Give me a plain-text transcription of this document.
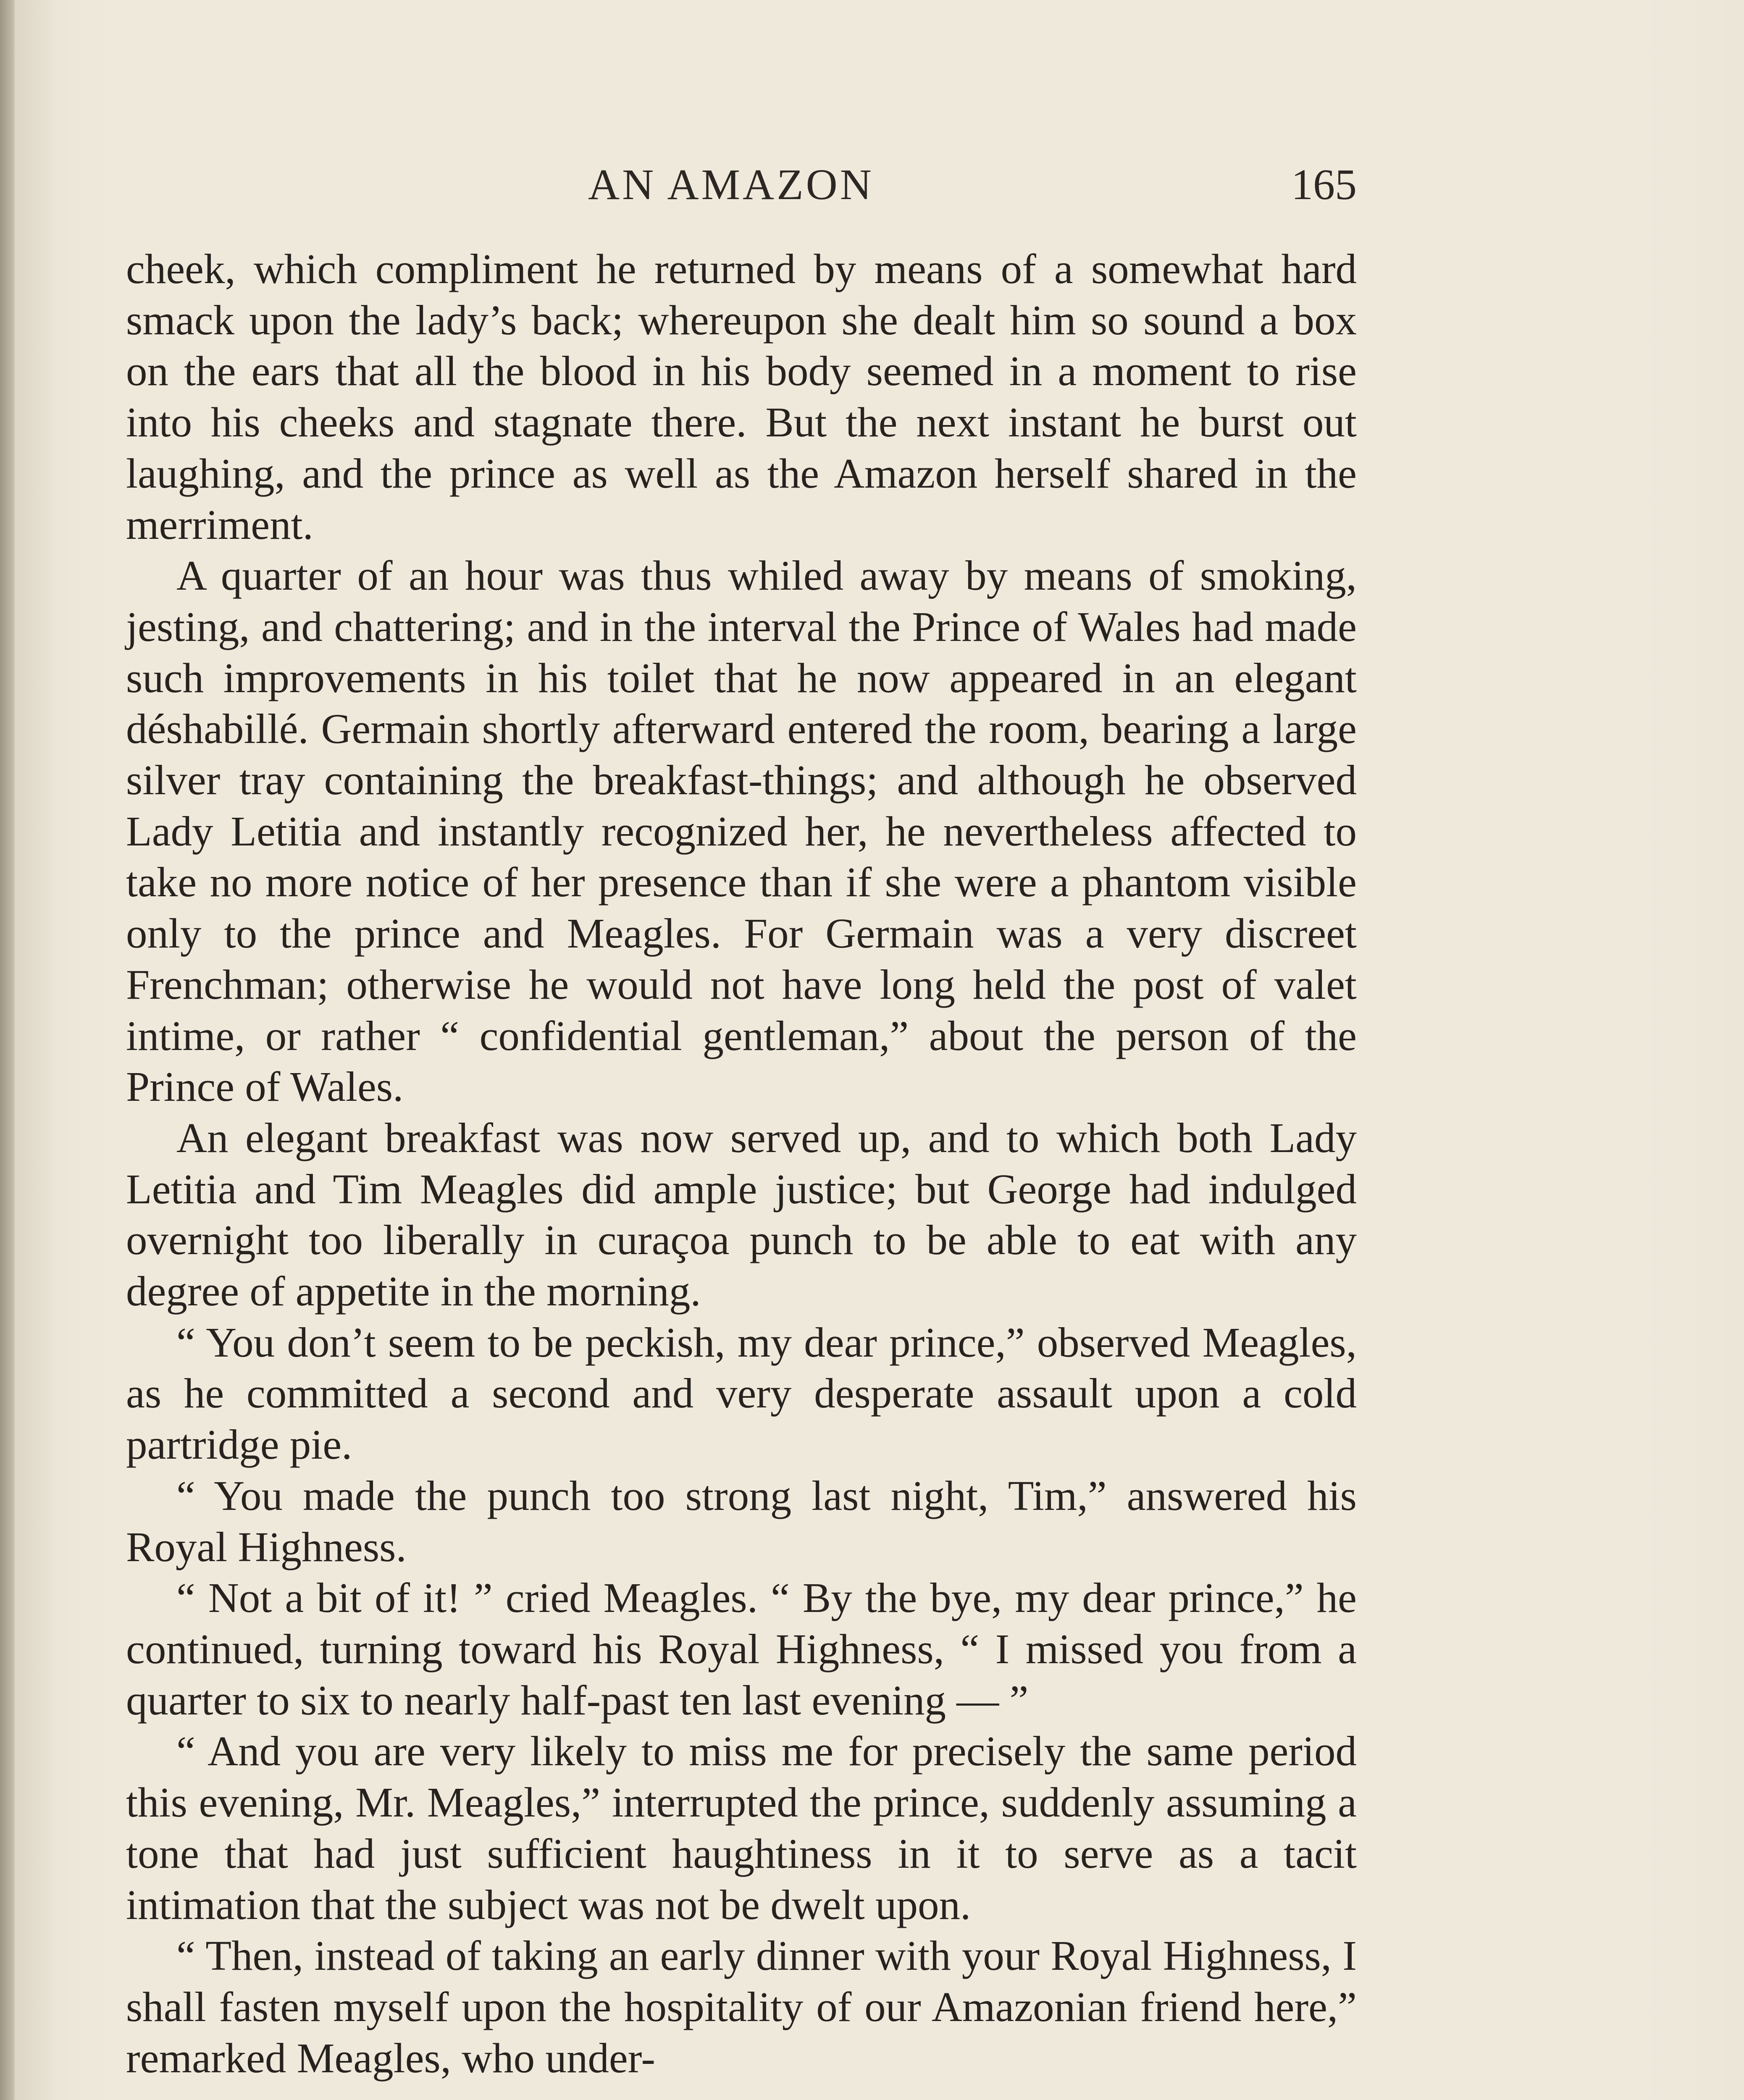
AN AMAZON	165

cheek, which compliment he returned by means of a somewhat hard smack upon the lady’s back; whereupon she dealt him so sound a box on the ears that all the blood in his body seemed in a moment to rise into his cheeks and stagnate there. But the next instant he burst out laughing, and the prince as well as the Amazon herself shared in the merriment.

A quarter of an hour was thus whiled away by means of smoking, jesting, and chattering; and in the interval the Prince of Wales had made such improvements in his toilet that he now appeared in an elegant déshabillé. Germain shortly afterward entered the room, bearing a large silver tray containing the breakfast-things; and although he observed Lady Letitia and instantly recognized her, he nevertheless affected to take no more notice of her presence than if she were a phantom visible only to the prince and Meagles. For Germain was a very discreet Frenchman; otherwise he would not have long held the post of valet intime, or rather “ confidential gentleman,” about the person of the Prince of Wales.

An elegant breakfast was now served up, and to which both Lady Letitia and Tim Meagles did ample justice; but George had indulged overnight too liberally in curaçoa punch to be able to eat with any degree of appetite in the morning.

“ You don’t seem to be peckish, my dear prince,” observed Meagles, as he committed a second and very desperate assault upon a cold partridge pie.

“ You made the punch too strong last night, Tim,” answered his Royal Highness.

“ Not a bit of it! ” cried Meagles. “ By the bye, my dear prince,” he continued, turning toward his Royal Highness, “ I missed you from a quarter to six to nearly half-past ten last evening — ”

“ And you are very likely to miss me for precisely the same period this evening, Mr. Meagles,” interrupted the prince, suddenly assuming a tone that had just sufficient haughtiness in it to serve as a tacit intimation that the subject was not be dwelt upon.

“ Then, instead of taking an early dinner with your Royal Highness, I shall fasten myself upon the hospitality of our Amazonian friend here,” remarked Meagles, who under-
